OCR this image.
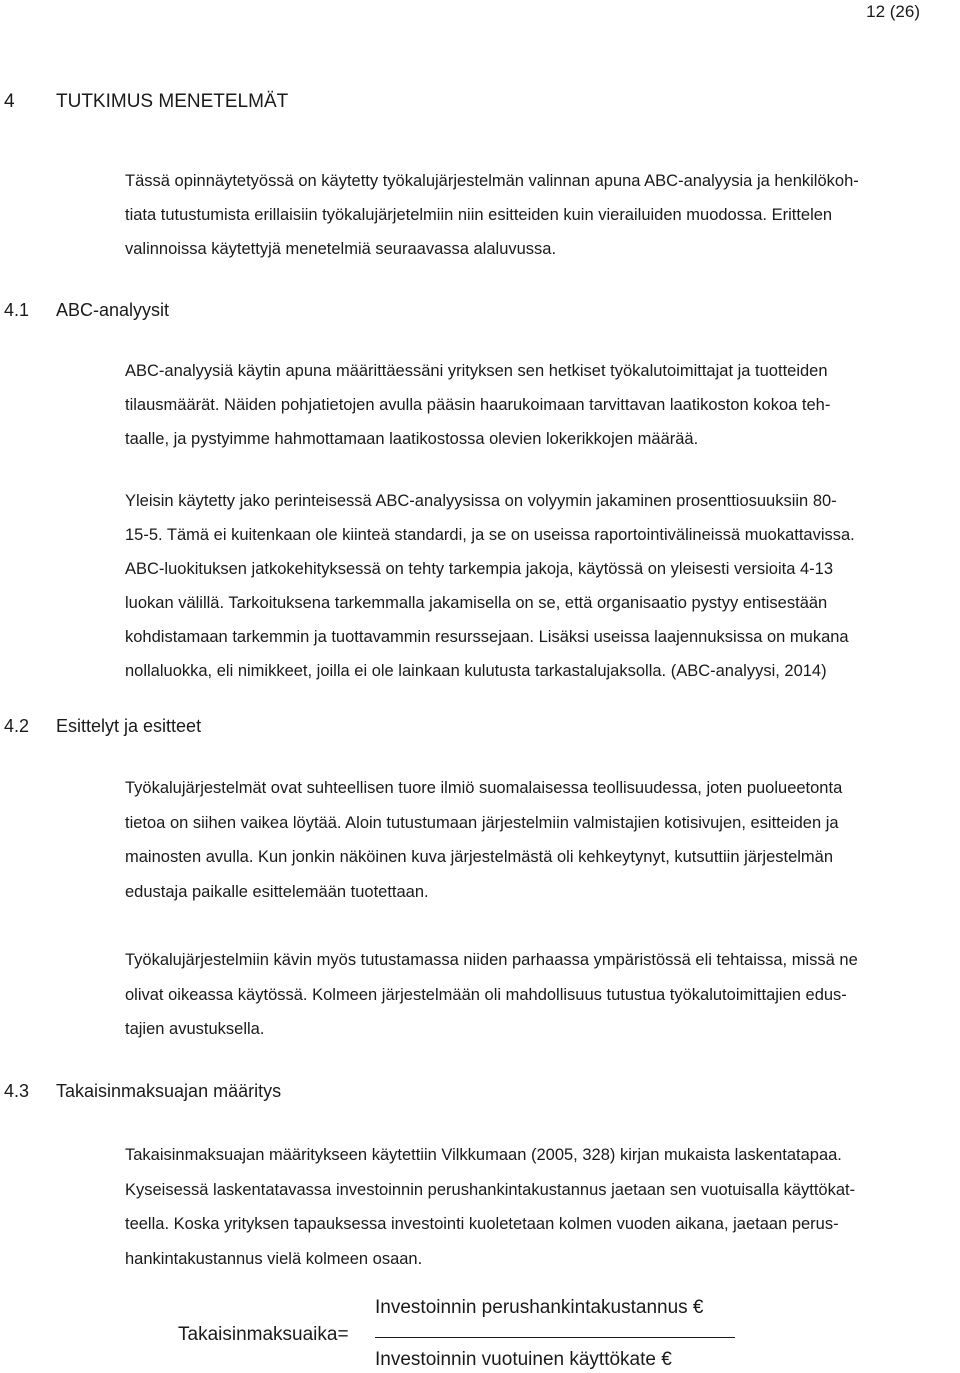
12 (26)
4 TUTKIMUS MENETELMÄT
Tässä opinnäytetyössä on käytetty työkalujärjestelmän valinnan apuna ABC-analyysia ja henkilökoh-
tiata tutustumista erillaisiin työkalujärjetelmiin niin esitteiden kuin vierailuiden muodossa. Erittelen
valinnoissa käytettyjä menetelmiä seuraavassa alaluvussa.
4.1 ABC-analyysit
ABC-analyysiä käytin apuna määrittäessäni yrityksen sen hetkiset työkalutoimittajat ja tuotteiden
tilausmäärät. Näiden pohjatietojen avulla pääsin haarukoimaan tarvittavan laatikoston kokoa teh-
taalle, ja pystyimme hahmottamaan laatikostossa olevien lokerikkojen määrää.
Yleisin käytetty jako perinteisessä ABC-analyysissa on volyymin jakaminen prosenttiosuuksiin 80-
15-5. Tämä ei kuitenkaan ole kiinteä standardi, ja se on useissa raportointivälineissä muokattavissa.
ABC-luokituksen jatkokehityksessä on tehty tarkempia jakoja, käytössä on yleisesti versioita 4-13
luokan välillä. Tarkoituksena tarkemmalla jakamisella on se, että organisaatio pystyy entisestään
kohdistamaan tarkemmin ja tuottavammin resurssejaan. Lisäksi useissa laajennuksissa on mukana
nollaluokka, eli nimikkeet, joilla ei ole lainkaan kulutusta tarkastalujaksolla. (ABC-analyysi, 2014)
4.2 Esittelyt ja esitteet
Työkalujärjestelmät ovat suhteellisen tuore ilmiö suomalaisessa teollisuudessa, joten puolueetonta
tietoa on siihen vaikea löytää. Aloin tutustumaan järjestelmiin valmistajien kotisivujen, esitteiden ja
mainosten avulla. Kun jonkin näköinen kuva järjestelmästä oli kehkeytynyt, kutsuttiin järjestelmän
edustaja paikalle esittelemään tuotettaan.
Työkalujärjestelmiin kävin myös tutustamassa niiden parhaassa ympäristössä eli tehtaissa, missä ne
olivat oikeassa käytössä. Kolmeen järjestelmään oli mahdollisuus tutustua työkalutoimittajien edus-
tajien avustuksella.
4.3 Takaisinmaksuajan määritys
Takaisinmaksuajan määritykseen käytettiin Vilkkumaan (2005, 328) kirjan mukaista laskentatapaa.
Kyseisessä laskentatavassa investoinnin perushankintakustannus jaetaan sen vuotuisalla käyttökat-
teella. Koska yrityksen tapauksessa investointi kuoletetaan kolmen vuoden aikana, jaetaan perus-
hankintakustannus vielä kolmeen osaan.
Takaisinmaksuaika=
Investoinnin perushankintakustannus €
Investoinnin vuotuinen käyttökate €
